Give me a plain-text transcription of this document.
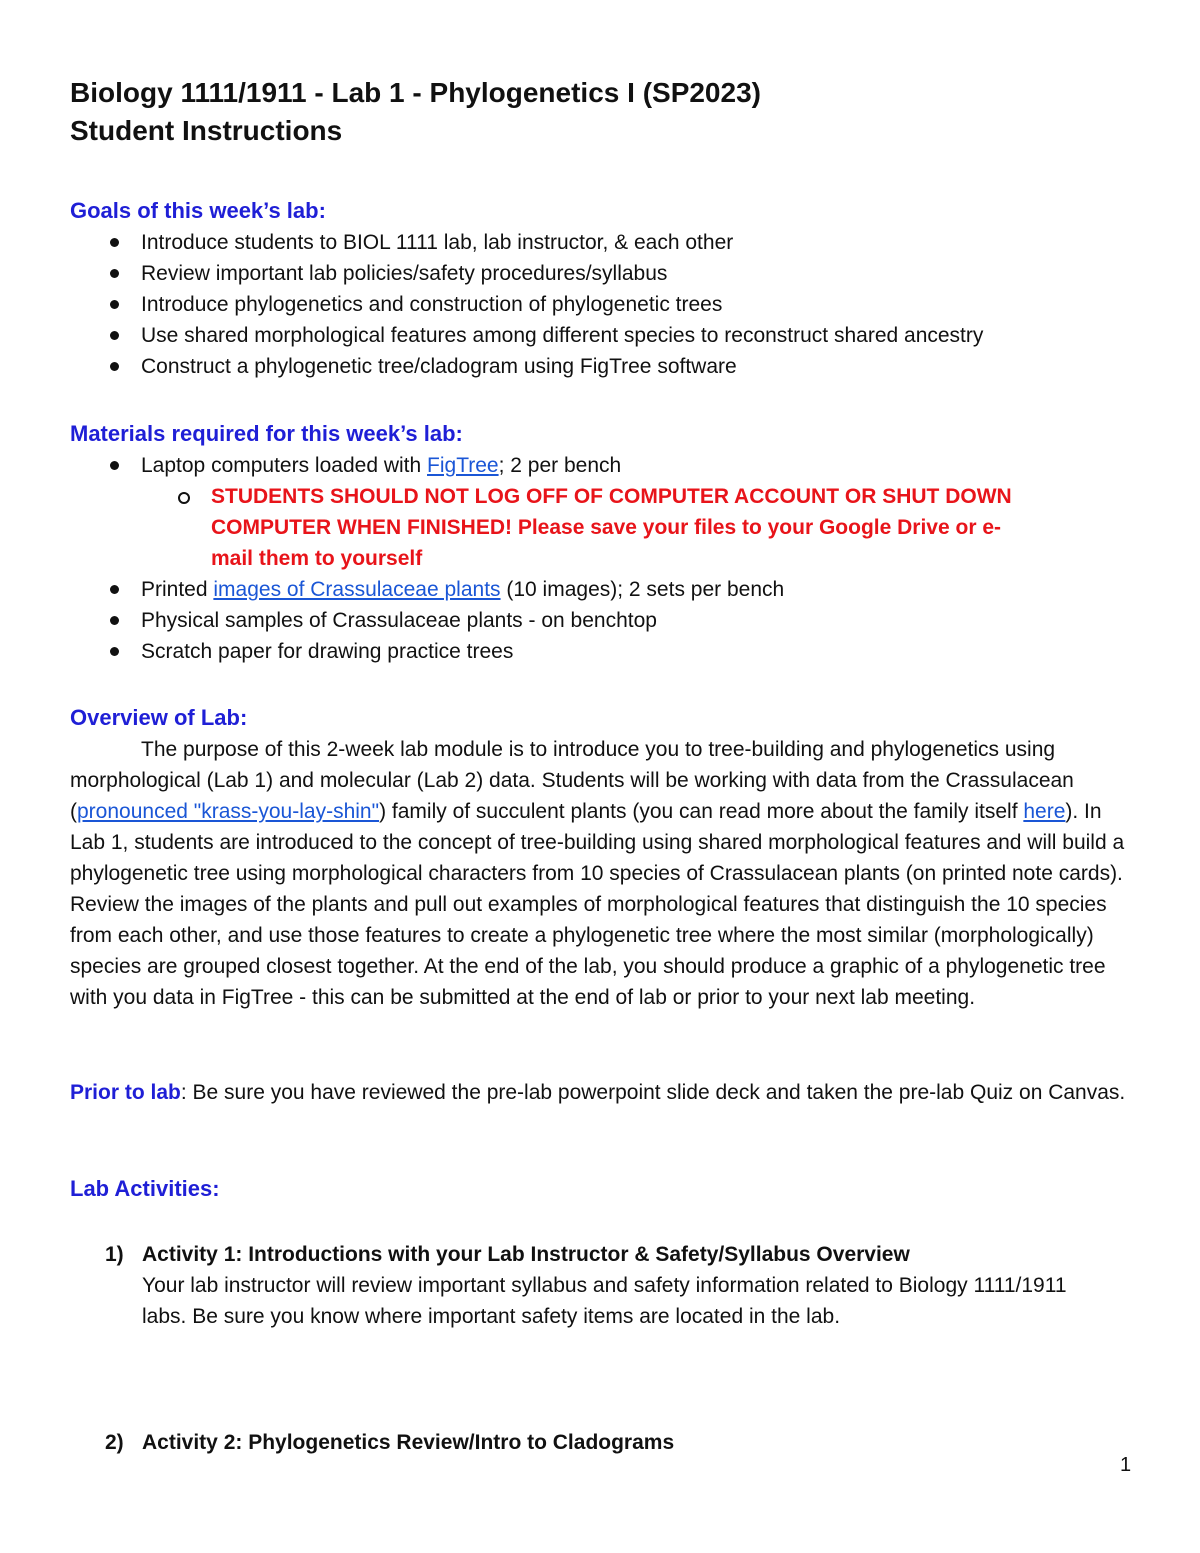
Biology 1111/1911 - Lab 1 - Phylogenetics I (SP2023)
Student Instructions
Goals of this week’s lab:
Introduce students to BIOL 1111 lab, lab instructor, & each other
Review important lab policies/safety procedures/syllabus
Introduce phylogenetics and construction of phylogenetic trees
Use shared morphological features among different species to reconstruct shared ancestry
Construct a phylogenetic tree/cladogram using FigTree software
Materials required for this week’s lab:
Laptop computers loaded with FigTree; 2 per bench
STUDENTS SHOULD NOT LOG OFF OF COMPUTER ACCOUNT OR SHUT DOWN
COMPUTER WHEN FINISHED! Please save your files to your Google Drive or e-
mail them to yourself
Printed images of Crassulaceae plants (10 images); 2 sets per bench
Physical samples of Crassulaceae plants - on benchtop
Scratch paper for drawing practice trees
Overview of Lab:

The purpose of this 2-week lab module is to introduce you to tree-building and phylogenetics using morphological (Lab 1) and molecular (Lab 2) data. Students will be working with data from the Crassulacean (pronounced "krass-you-lay-shin") family of succulent plants (you can read more about the family itself here). In Lab 1, students are introduced to the concept of tree-building using shared morphological features and will build a phylogenetic tree using morphological characters from 10 species of Crassulacean plants (on printed note cards). Review the images of the plants and pull out examples of morphological features that distinguish the 10 species from each other, and use those features to create a phylogenetic tree where the most similar (morphologically) species are grouped closest together. At the end of the lab, you should produce a graphic of a phylogenetic tree with you data in FigTree - this can be submitted at the end of lab or prior to your next lab meeting.

Prior to lab: Be sure you have reviewed the pre-lab powerpoint slide deck and taken the pre-lab Quiz on Canvas.

Lab Activities:
1) Activity 1: Introductions with your Lab Instructor & Safety/Syllabus Overview
Your lab instructor will review important syllabus and safety information related to Biology 1111/1911 labs. Be sure you know where important safety items are located in the lab.
2) Activity 2: Phylogenetics Review/Intro to Cladograms
1
